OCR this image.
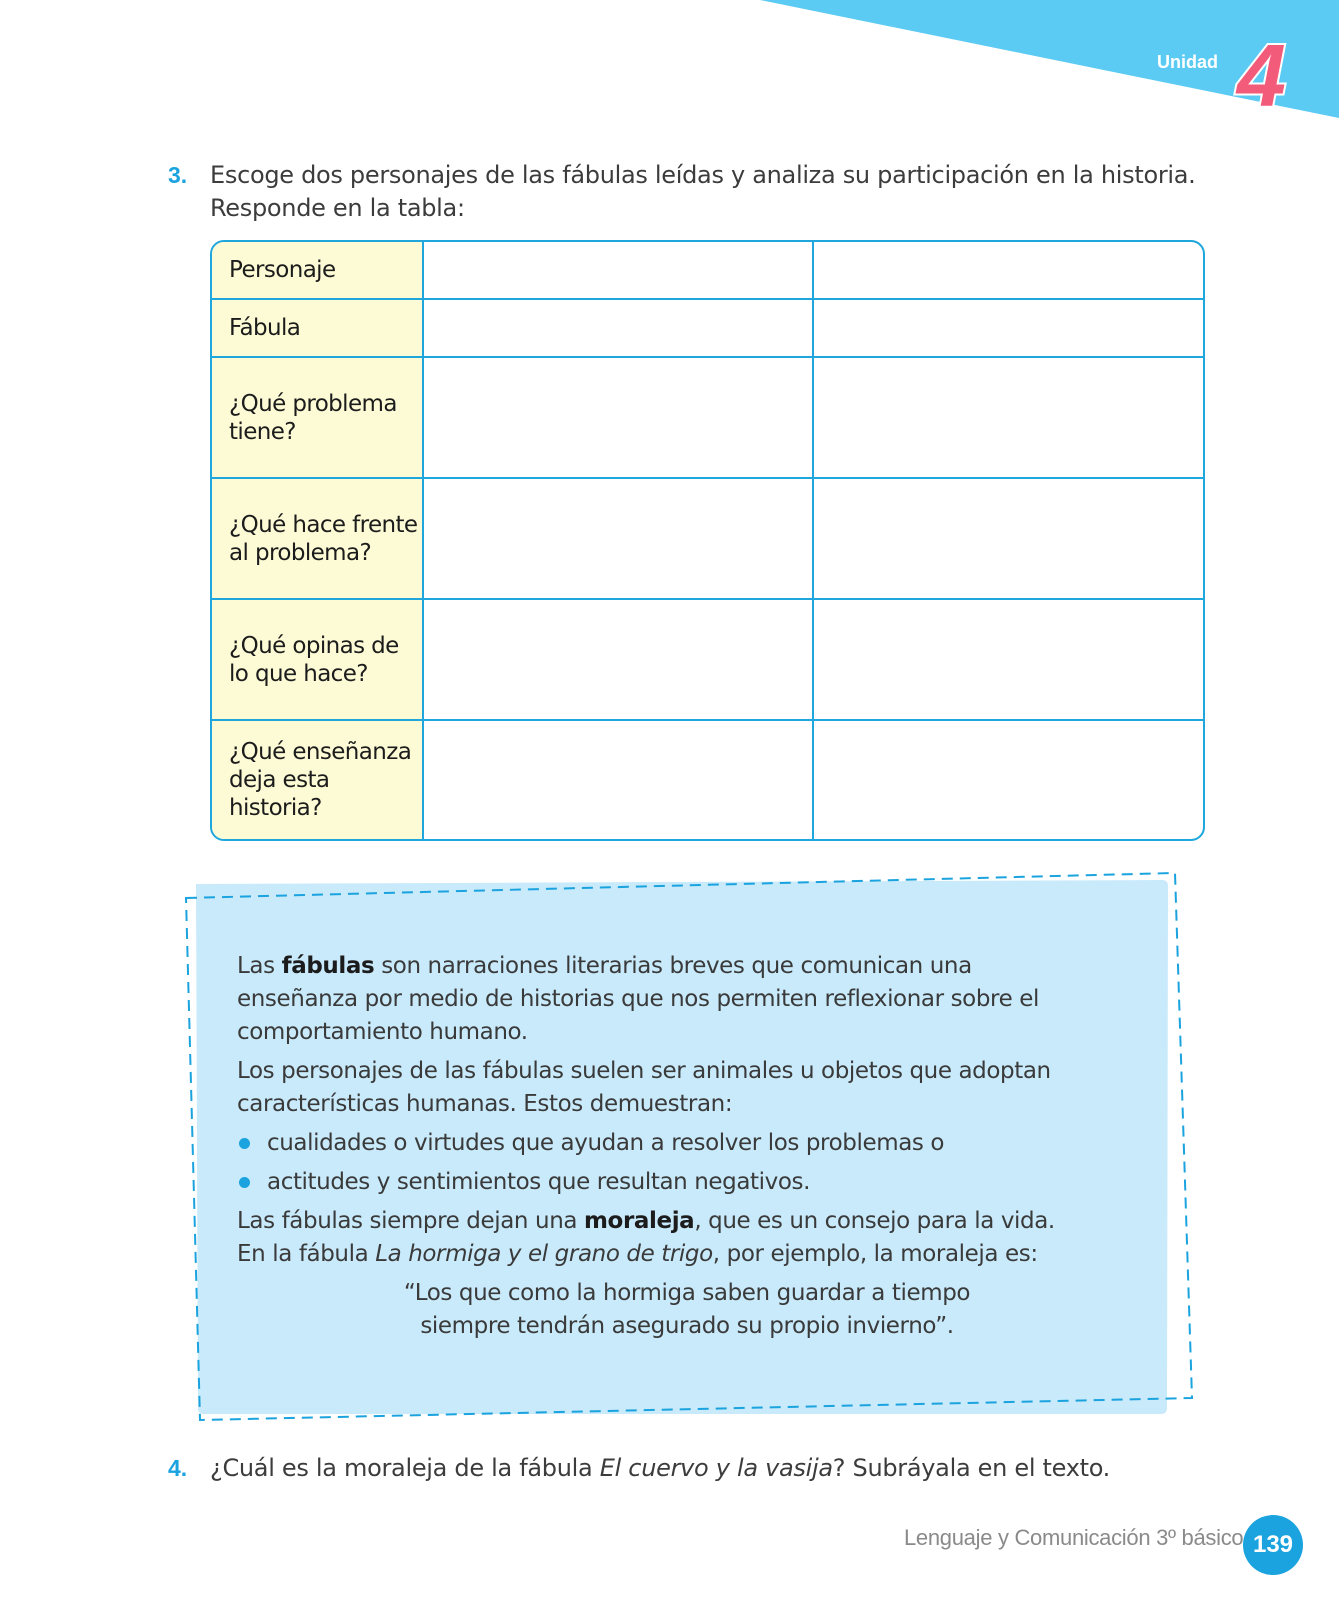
4
Unidad
3. Escoge dos personajes de las fábulas leídas y analiza su participación en la historia.
Responde en la tabla:
Personaje
Fábula
¿Qué problema
tiene?
¿Qué hace frente
al problema?
¿Qué opinas de
lo que hace?
¿Qué enseñanza
deja esta historia?

Las fábulas son narraciones literarias breves que comunican una enseñanza por medio de historias que nos permiten reflexionar sobre el comportamiento humano.

Los personajes de las fábulas suelen ser animales u objetos que adoptan características humanas. Estos demuestran:

cualidades o virtudes que ayudan a resolver los problemas o
actitudes y sentimientos que resultan negativos.

Las fábulas siempre dejan una moraleja, que es un consejo para la vida.

En la fábula La hormiga y el grano de trigo, por ejemplo, la moraleja es:

“Los que como la hormiga saben guardar a tiempo
siempre tendrán asegurado su propio invierno”.

4. ¿Cuál es la moraleja de la fábula El cuervo y la vasija? Subráyala en el texto.
Lenguaje y Comunicación 3º básico 139
